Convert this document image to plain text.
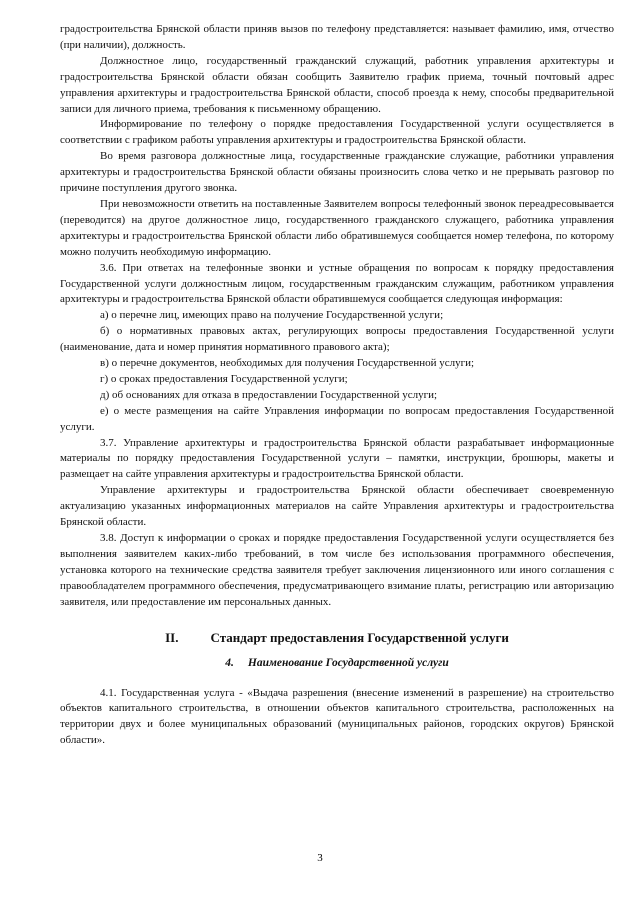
градостроительства Брянской области приняв вызов по телефону представляется: называет фамилию, имя, отчество (при наличии), должность.

Должностное лицо, государственный гражданский служащий, работник управления архитектуры и градостроительства Брянской области обязан сообщить Заявителю график приема, точный почтовый адрес управления архитектуры и градостроительства Брянской области, способ проезда к нему, способы предварительной записи для личного приема, требования к письменному обращению.

Информирование по телефону о порядке предоставления Государственной услуги осуществляется в соответствии с графиком работы управления архитектуры и градостроительства Брянской области.

Во время разговора должностные лица, государственные гражданские служащие, работники управления архитектуры и градостроительства Брянской области обязаны произносить слова четко и не прерывать разговор по причине поступления другого звонка.

При невозможности ответить на поставленные Заявителем вопросы телефонный звонок переадресовывается (переводится) на другое должностное лицо, государственного гражданского служащего, работника управления архитектуры и градостроительства Брянской области либо обратившемуся сообщается номер телефона, по которому можно получить необходимую информацию.

3.6. При ответах на телефонные звонки и устные обращения по вопросам к порядку предоставления Государственной услуги должностным лицом, государственным гражданским служащим, работником управления архитектуры и градостроительства Брянской области обратившемуся сообщается следующая информация:

а) о перечне лиц, имеющих право на получение Государственной услуги;

б) о нормативных правовых актах, регулирующих вопросы предоставления Государственной услуги (наименование, дата и номер принятия нормативного правового акта);

в) о перечне документов, необходимых для получения Государственной услуги;

г) о сроках предоставления Государственной услуги;

д) об основаниях для отказа в предоставлении Государственной услуги;

е) о месте размещения на сайте Управления информации по вопросам предоставления Государственной услуги.

3.7. Управление архитектуры и градостроительства Брянской области разрабатывает информационные материалы по порядку предоставления Государственной услуги – памятки, инструкции, брошюры, макеты и размещает на сайте управления архитектуры и градостроительства Брянской области.

Управление архитектуры и градостроительства Брянской области обеспечивает своевременную актуализацию указанных информационных материалов на сайте Управления архитектуры и градостроительства Брянской области.

3.8. Доступ к информации о сроках и порядке предоставления Государственной услуги осуществляется без выполнения заявителем каких-либо требований, в том числе без использования программного обеспечения, установка которого на технические средства заявителя требует заключения лицензионного или иного соглашения с правообладателем программного обеспечения, предусматривающего взимание платы, регистрацию или авторизацию заявителя, или предоставление им персональных данных.

II. Стандарт предоставления Государственной услуги
4. Наименование Государственной услуги

4.1. Государственная услуга - «Выдача разрешения (внесение изменений в разрешение) на строительство объектов капитального строительства, в отношении объектов капитального строительства, расположенных на территории двух и более муниципальных образований (муниципальных районов, городских округов) Брянской области».

3
